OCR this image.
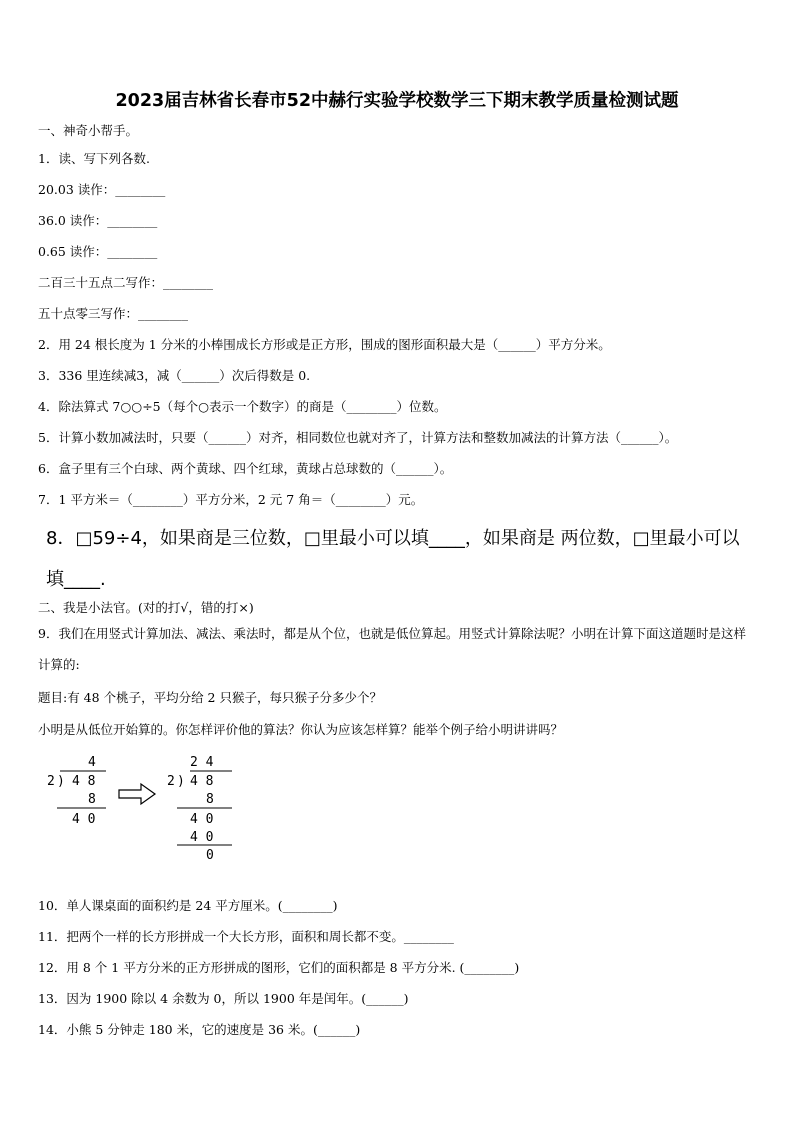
2023届吉林省长春市52中赫行实验学校数学三下期末教学质量检测试题
一、神奇小帮手。
1．读、写下列各数.
20.03 读作：________
36.0 读作：________
0.65 读作：________
二百三十五点二写作：________
五十点零三写作：________
2．用 24 根长度为 1 分米的小棒围成长方形或是正方形，围成的图形面积最大是（______）平方分米。
3．336 里连续减3，减（______）次后得数是 0.
4．除法算式 7○○÷5（每个○表示一个数字）的商是（________）位数。
5．计算小数加减法时，只要（______）对齐，相同数位也就对齐了，计算方法和整数加减法的计算方法（______）。
6．盒子里有三个白球、两个黄球、四个红球，黄球占总球数的（______）。
7．1 平方米＝（________）平方分米，2 元 7 角＝（________）元。
8．□59÷4，如果商是三位数，□里最小可以填____，如果商是 两位数，□里最小可以
填____.
二、我是小法官。(对的打√，错的打×)
9．我们在用竖式计算加法、减法、乘法时，都是从个位，也就是低位算起。用竖式计算除法呢？小明在计算下面这道题时是这样计算的:
题目:有 48 个桃子，平均分给 2 只猴子，每只猴子分多少个？
小明是从低位开始算的。你怎样评价他的算法？你认为应该怎样算？能举个例子给小明讲讲吗？
4
2 ) 4 8
8
4 0
2 4
2 ) 4 8
8
4 0
4 0
0
10．单人课桌面的面积约是 24 平方厘米。(________)
11．把两个一样的长方形拼成一个大长方形，面积和周长都不变。________
12．用 8 个 1 平方分米的正方形拼成的图形，它们的面积都是 8 平方分米. (________)
13．因为 1900 除以 4 余数为 0，所以 1900 年是闰年。(______)
14．小熊 5 分钟走 180 米，它的速度是 36 米。(______)
